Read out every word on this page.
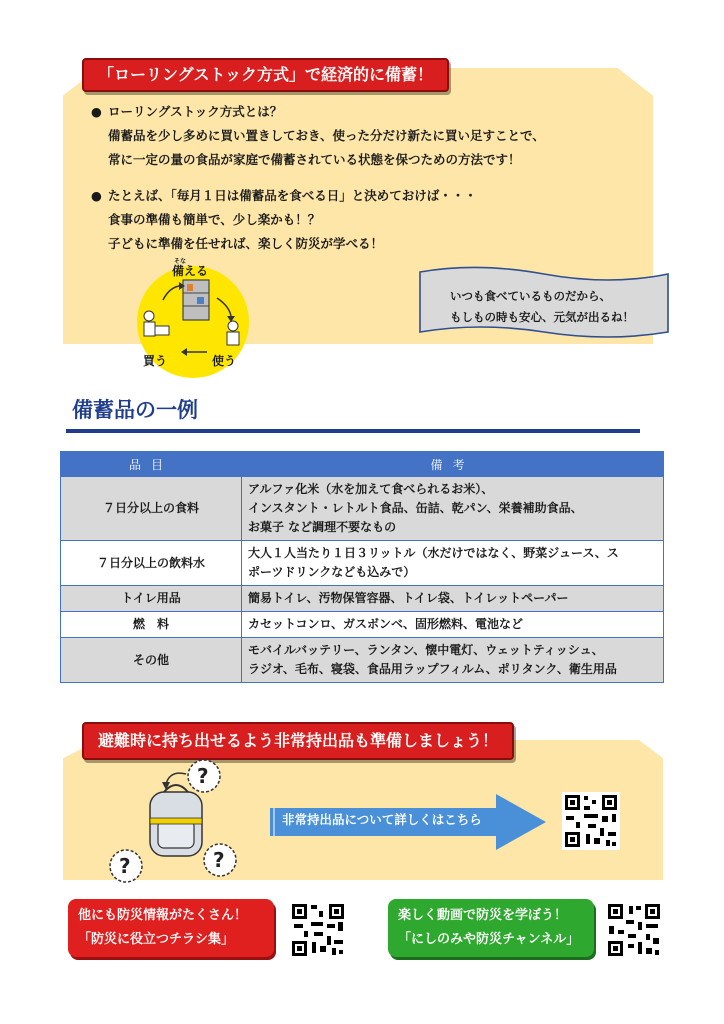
「ローリングストック方式」で経済的に備蓄！
● ローリングストック方式とは？
備蓄品を少し多めに買い置きしておき、使った分だけ新たに買い足すことで、
常に一定の量の食品が家庭で備蓄されている状態を保つための方法です！
● たとえば、「毎月１日は備蓄品を食べる日」と決めておけば・・・
食事の準備も簡単で、少し楽かも！？
子どもに準備を任せれば、楽しく防災が学べる！
そな
備える
買う	使う
いつも食べているものだから、
もしもの時も安心、元気が出るね！
備蓄品の一例
品目	備考
７日分以上の食料	アルファ化米（水を加えて食べられるお米）、
インスタント・レトルト食品、缶詰、乾パン、栄養補助食品、
お菓子 など調理不要なもの

７日分以上の飲料水	大人１人当たり１日３リットル（水だけではなく、野菜ジュース、ス
ポーツドリンクなども込みで）

トイレ用品	簡易トイレ、汚物保管容器、トイレ袋、トイレットペーパー

燃　料	カセットコンロ、ガスボンベ、固形燃料、電池など

その他	モバイルバッテリー、ランタン、懐中電灯、ウェットティッシュ、
ラジオ、毛布、寝袋、食品用ラップフィルム、ポリタンク、衛生用品
避難時に持ち出せるよう非常持出品も準備しましょう！
?
?	?
非常持出品について詳しくはこちら
他にも防災情報がたくさん！
「防災に役立つチラシ集」
楽しく動画で防災を学ぼう！
「にしのみや防災チャンネル」
